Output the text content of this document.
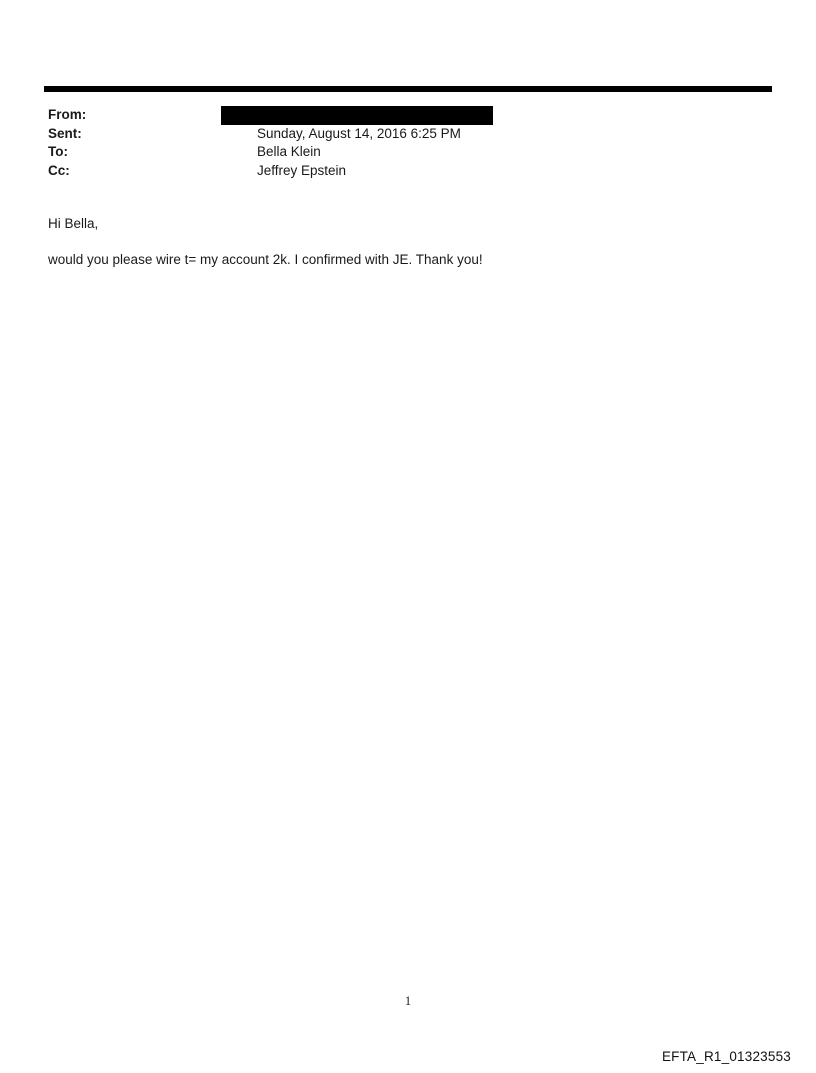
From:
Sent:	Sunday, August 14, 2016 6:25 PM
To:	Bella Klein
Cc:	Jeffrey Epstein
Hi Bella,
would you please wire t= my account 2k. I confirmed with JE. Thank you!
1
EFTA_R1_01323553
